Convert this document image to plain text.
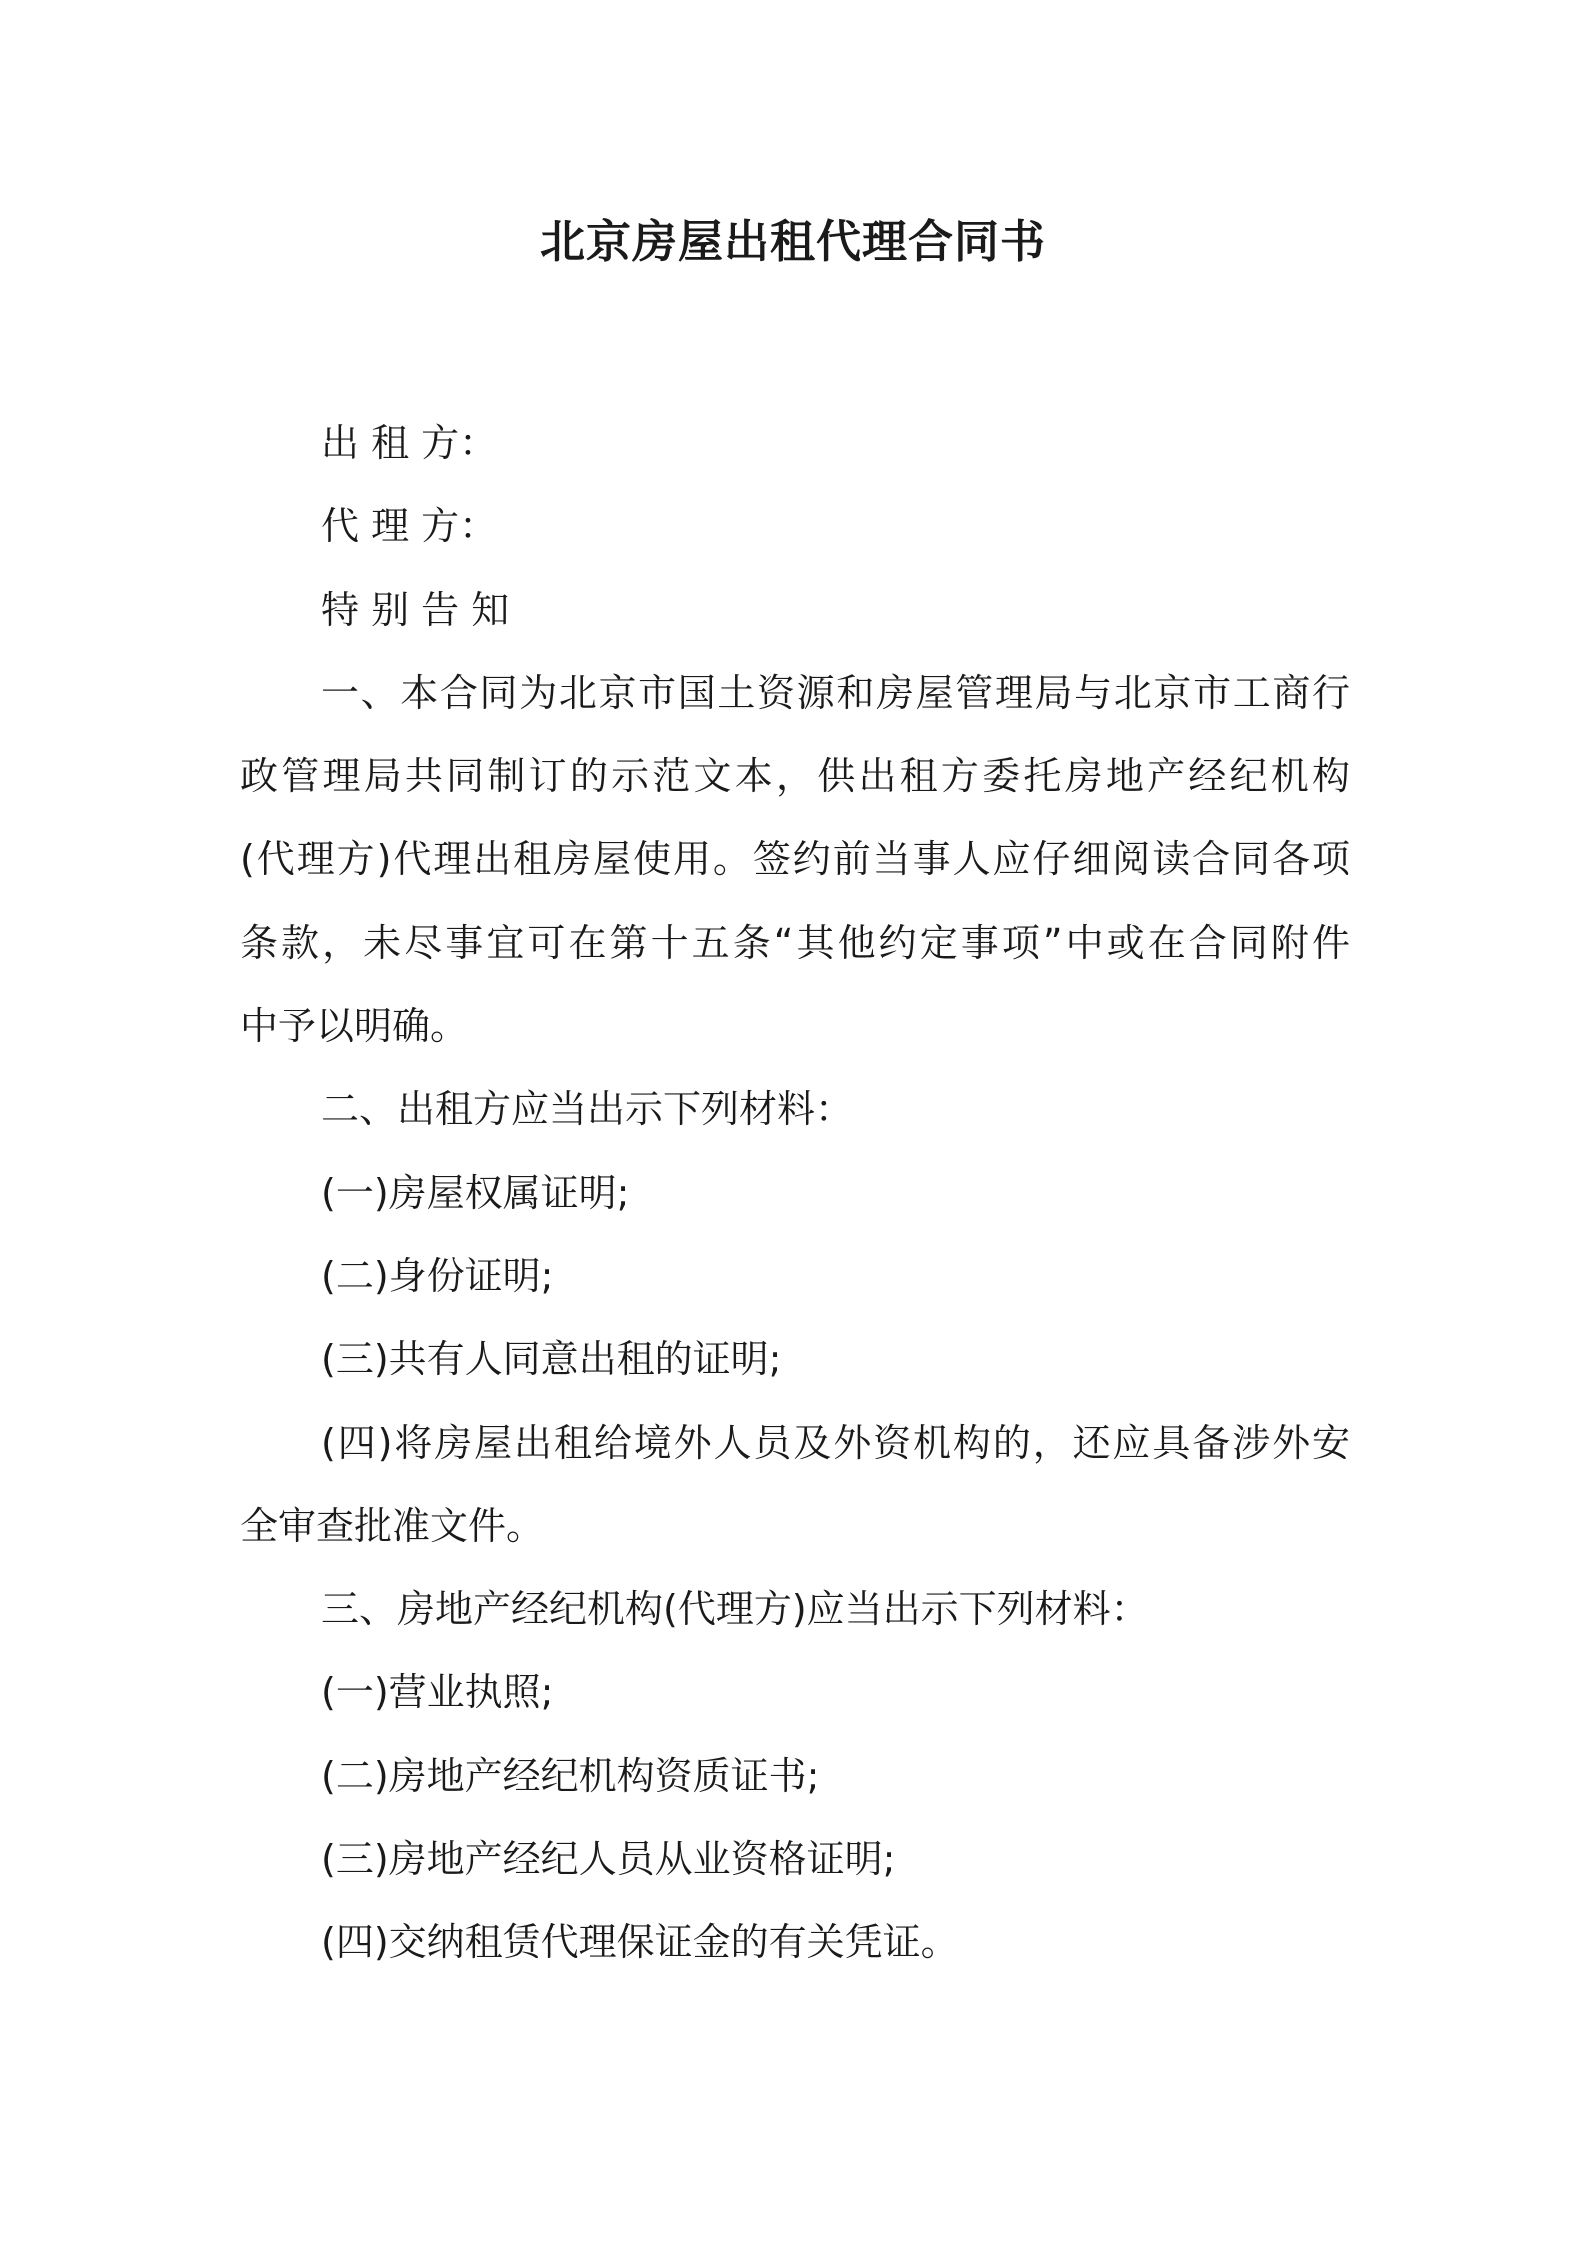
北京房屋出租代理合同书
出 租 方：
代 理 方：
特 别 告 知
一、本合同为北京市国土资源和房屋管理局与北京市工商行
政管理局共同制订的示范文本，供出租方委托房地产经纪机构
(代理方)代理出租房屋使用。签约前当事人应仔细阅读合同各项
条款，未尽事宜可在第十五条“其他约定事项”中或在合同附件
中予以明确。
二、出租方应当出示下列材料：
(一)房屋权属证明;
(二)身份证明;
(三)共有人同意出租的证明;
(四)将房屋出租给境外人员及外资机构的，还应具备涉外安
全审查批准文件。
三、房地产经纪机构(代理方)应当出示下列材料：
(一)营业执照;
(二)房地产经纪机构资质证书;
(三)房地产经纪人员从业资格证明;
(四)交纳租赁代理保证金的有关凭证。
